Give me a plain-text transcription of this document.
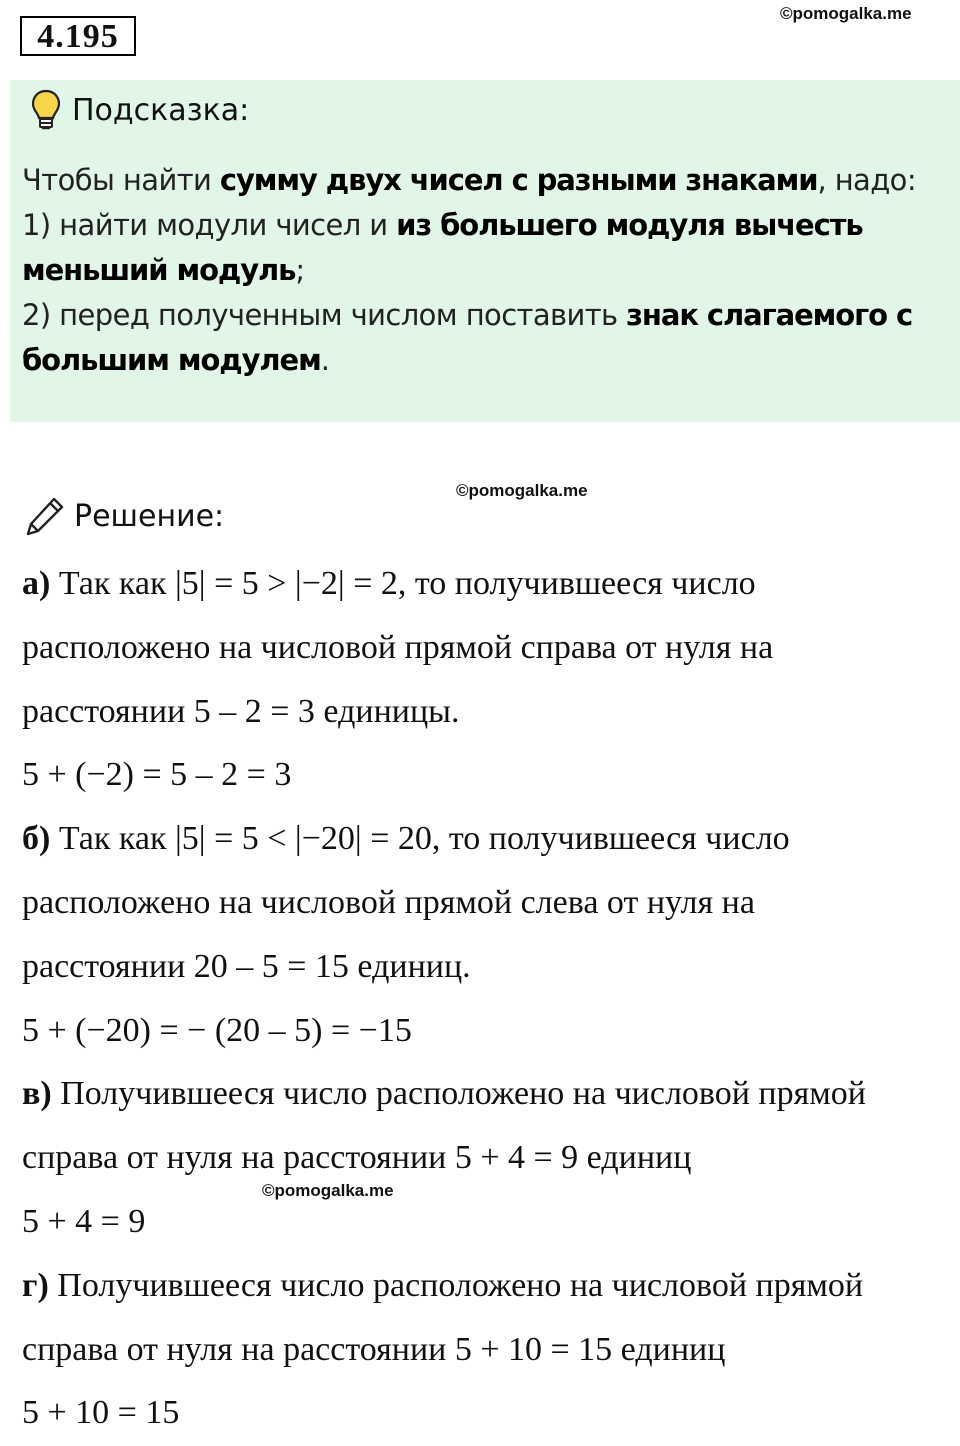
4.195
©pomogalka.me
Подсказка:
Чтобы найти сумму двух чисел с разными знаками, надо:
1) найти модули чисел и из большего модуля вычесть меньший модуль;
2) перед полученным числом поставить знак слагаемого с большим модулем.
©pomogalka.me
Решение:

а) Так как |5| = 5 > |−2| = 2, то получившееся число

расположено на числовой прямой справа от нуля на

расстоянии 5 – 2 = 3 единицы.

5 + (−2) = 5 – 2 = 3

б) Так как |5| = 5 < |−20| = 20, то получившееся число

расположено на числовой прямой слева от нуля на

расстоянии 20 – 5 = 15 единиц.

5 + (−20) = − (20 – 5) = −15

в) Получившееся число расположено на числовой прямой

справа от нуля на расстоянии 5 + 4 = 9 единиц

5 + 4 = 9

г) Получившееся число расположено на числовой прямой

справа от нуля на расстоянии 5 + 10 = 15 единиц

5 + 10 = 15

©pomogalka.me
